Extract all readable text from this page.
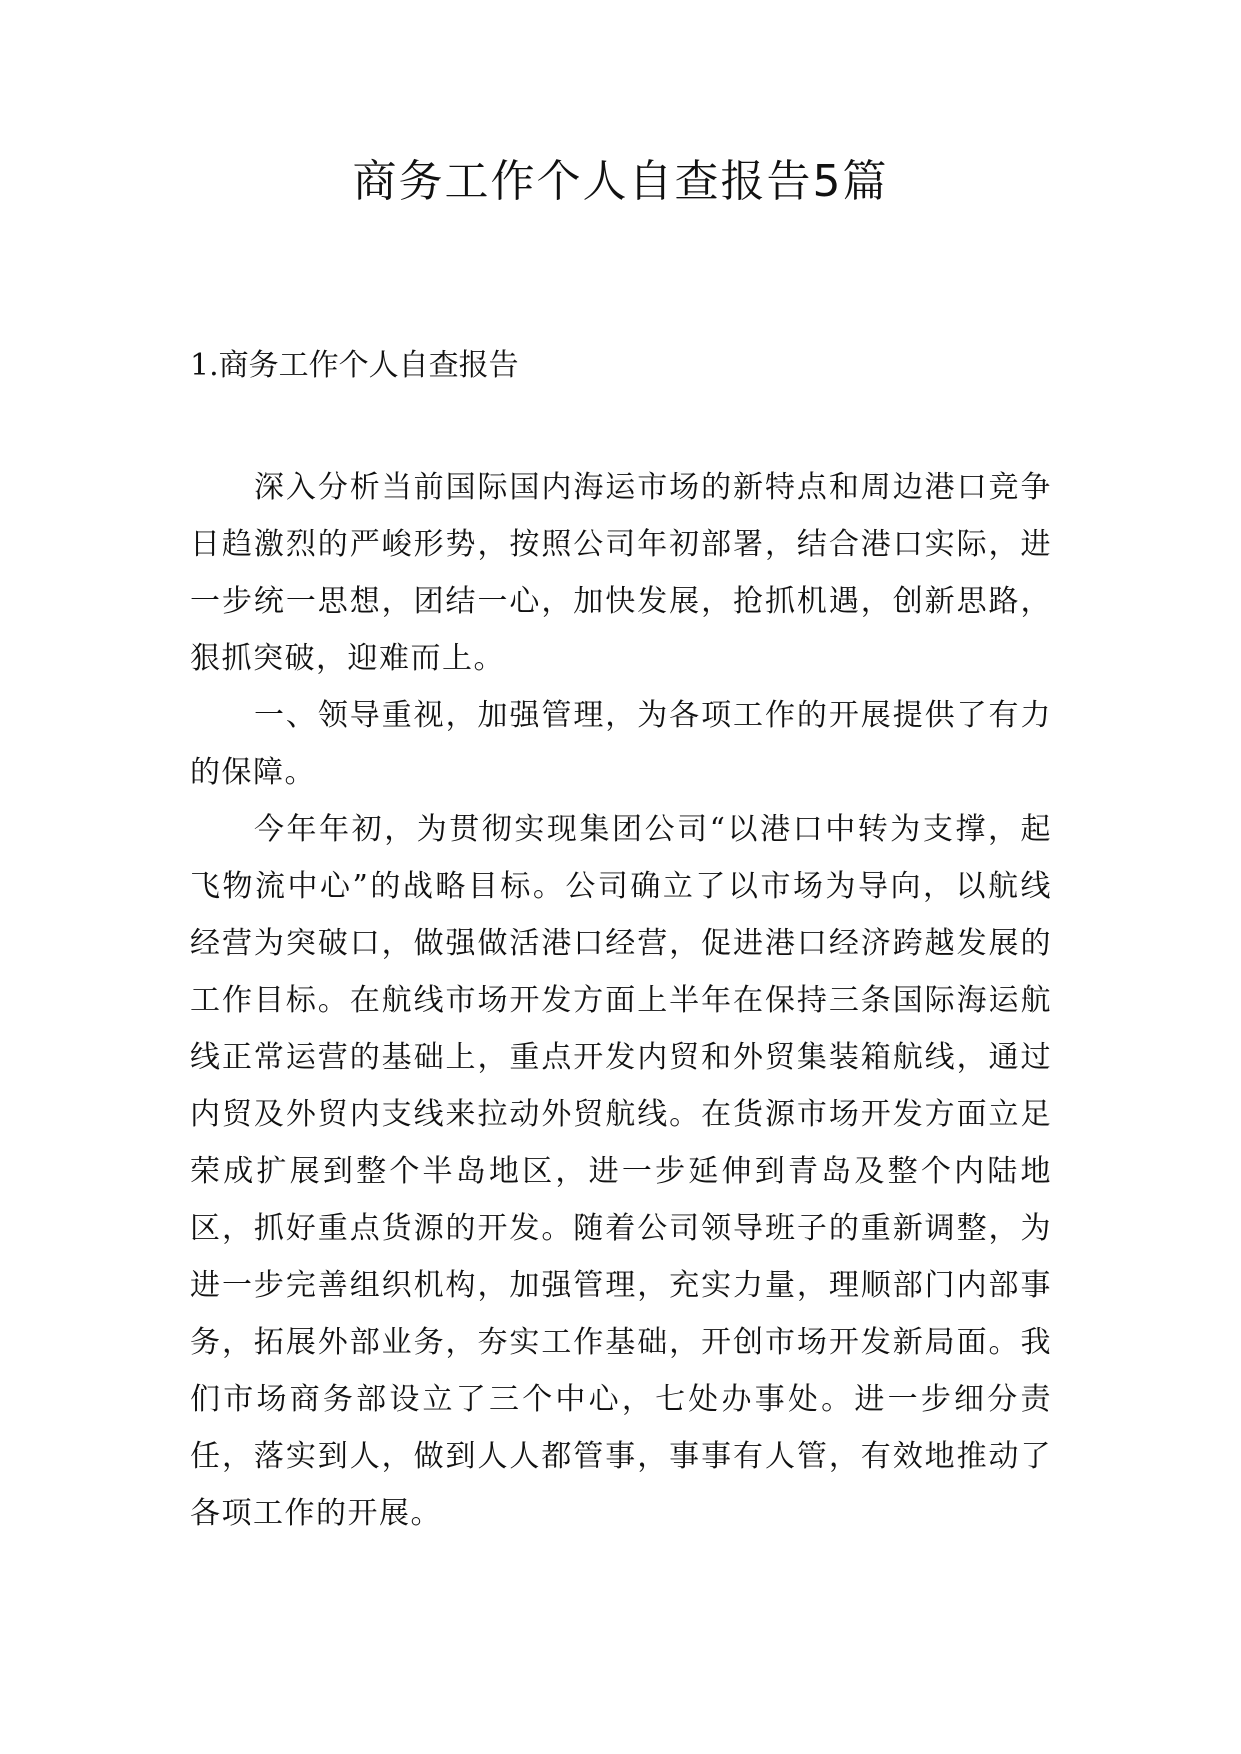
商务工作个人自查报告5篇
1.商务工作个人自查报告

深入分析当前国际国内海运市场的新特点和周边港口竞争日趋激烈的严峻形势，按照公司年初部署，结合港口实际，进一步统一思想，团结一心，加快发展，抢抓机遇，创新思路，狠抓突破，迎难而上。

一、领导重视，加强管理，为各项工作的开展提供了有力的保障。

今年年初，为贯彻实现集团公司“以港口中转为支撑，起飞物流中心”的战略目标。公司确立了以市场为导向，以航线经营为突破口，做强做活港口经营，促进港口经济跨越发展的工作目标。在航线市场开发方面上半年在保持三条国际海运航线正常运营的基础上，重点开发内贸和外贸集装箱航线，通过内贸及外贸内支线来拉动外贸航线。在货源市场开发方面立足荣成扩展到整个半岛地区，进一步延伸到青岛及整个内陆地区，抓好重点货源的开发。随着公司领导班子的重新调整，为进一步完善组织机构，加强管理，充实力量，理顺部门内部事务，拓展外部业务，夯实工作基础，开创市场开发新局面。我们市场商务部设立了三个中心，七处办事处。进一步细分责任，落实到人，做到人人都管事，事事有人管，有效地推动了各项工作的开展。
